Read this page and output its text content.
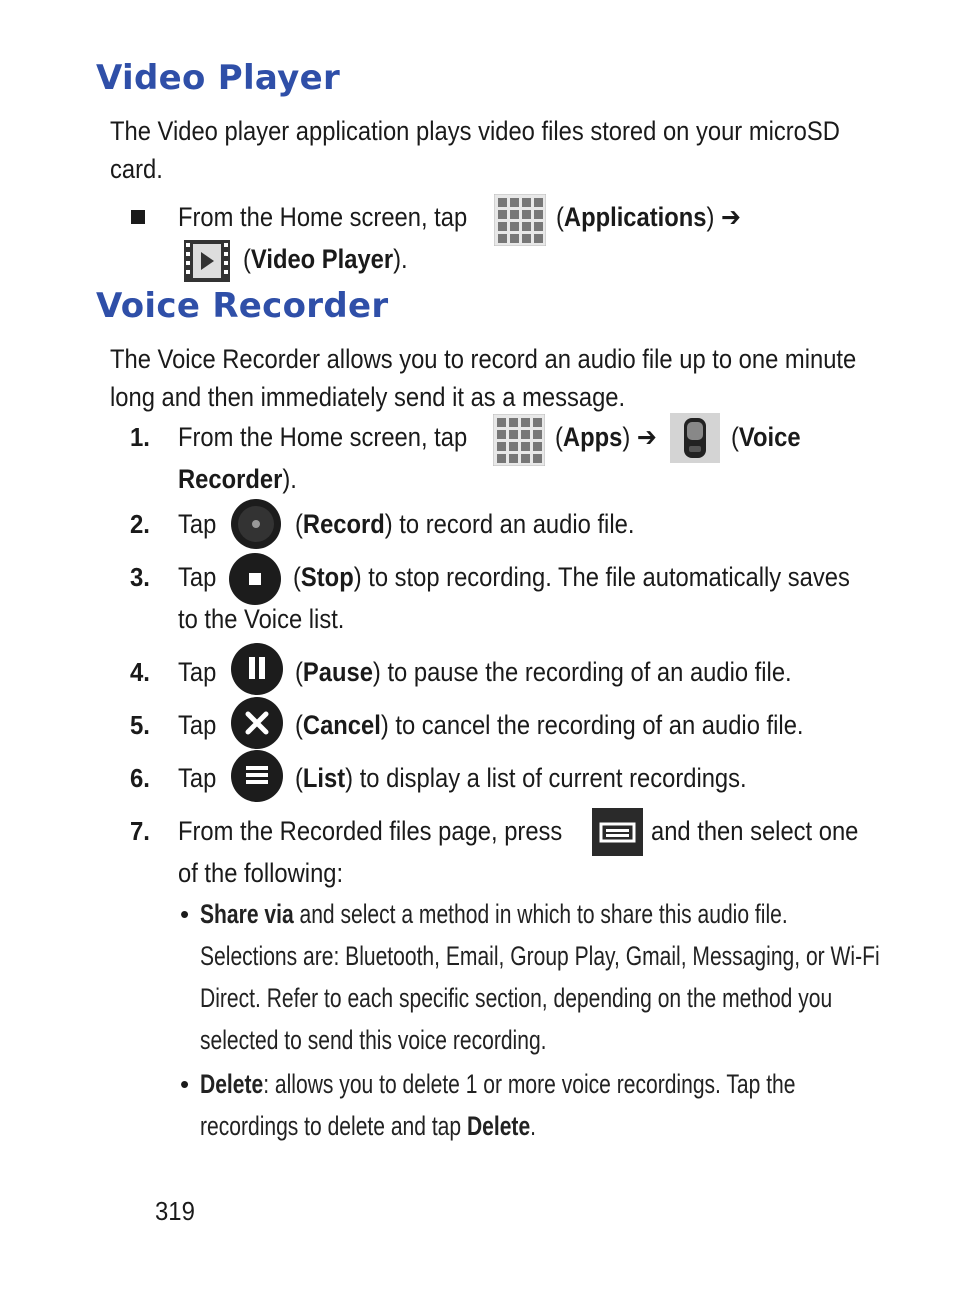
Video Player

The Video player application plays video files stored on your microSD card.

From the Home screen, tap	( Applications ) ➔
( Video Player ).
Voice Recorder

The Voice Recorder allows you to record an audio file up to one minute long and then immediately send it as a message.

1. From the Home screen, tap	( Apps ) ➔	( Voice
Recorder ).
2. Tap	( Record ) to record an audio file.
3. Tap	( Stop ) to stop recording. The file automatically saves
to the Voice list.
4. Tap	( Pause ) to pause the recording of an audio file.
5. Tap	( Cancel ) to cancel the recording of an audio file.
6. Tap	( List ) to display a list of current recordings.
7. From the Recorded files page, press	and then select one
of the following:
• Share via and select a method in which to share this audio file.
Selections are: Bluetooth, Email, Group Play, Gmail, Messaging, or Wi-Fi
Direct. Refer to each specific section, depending on the method you
selected to send this voice recording.
• Delete: allows you to delete 1 or more voice recordings. Tap the
recordings to delete and tap Delete.
319
